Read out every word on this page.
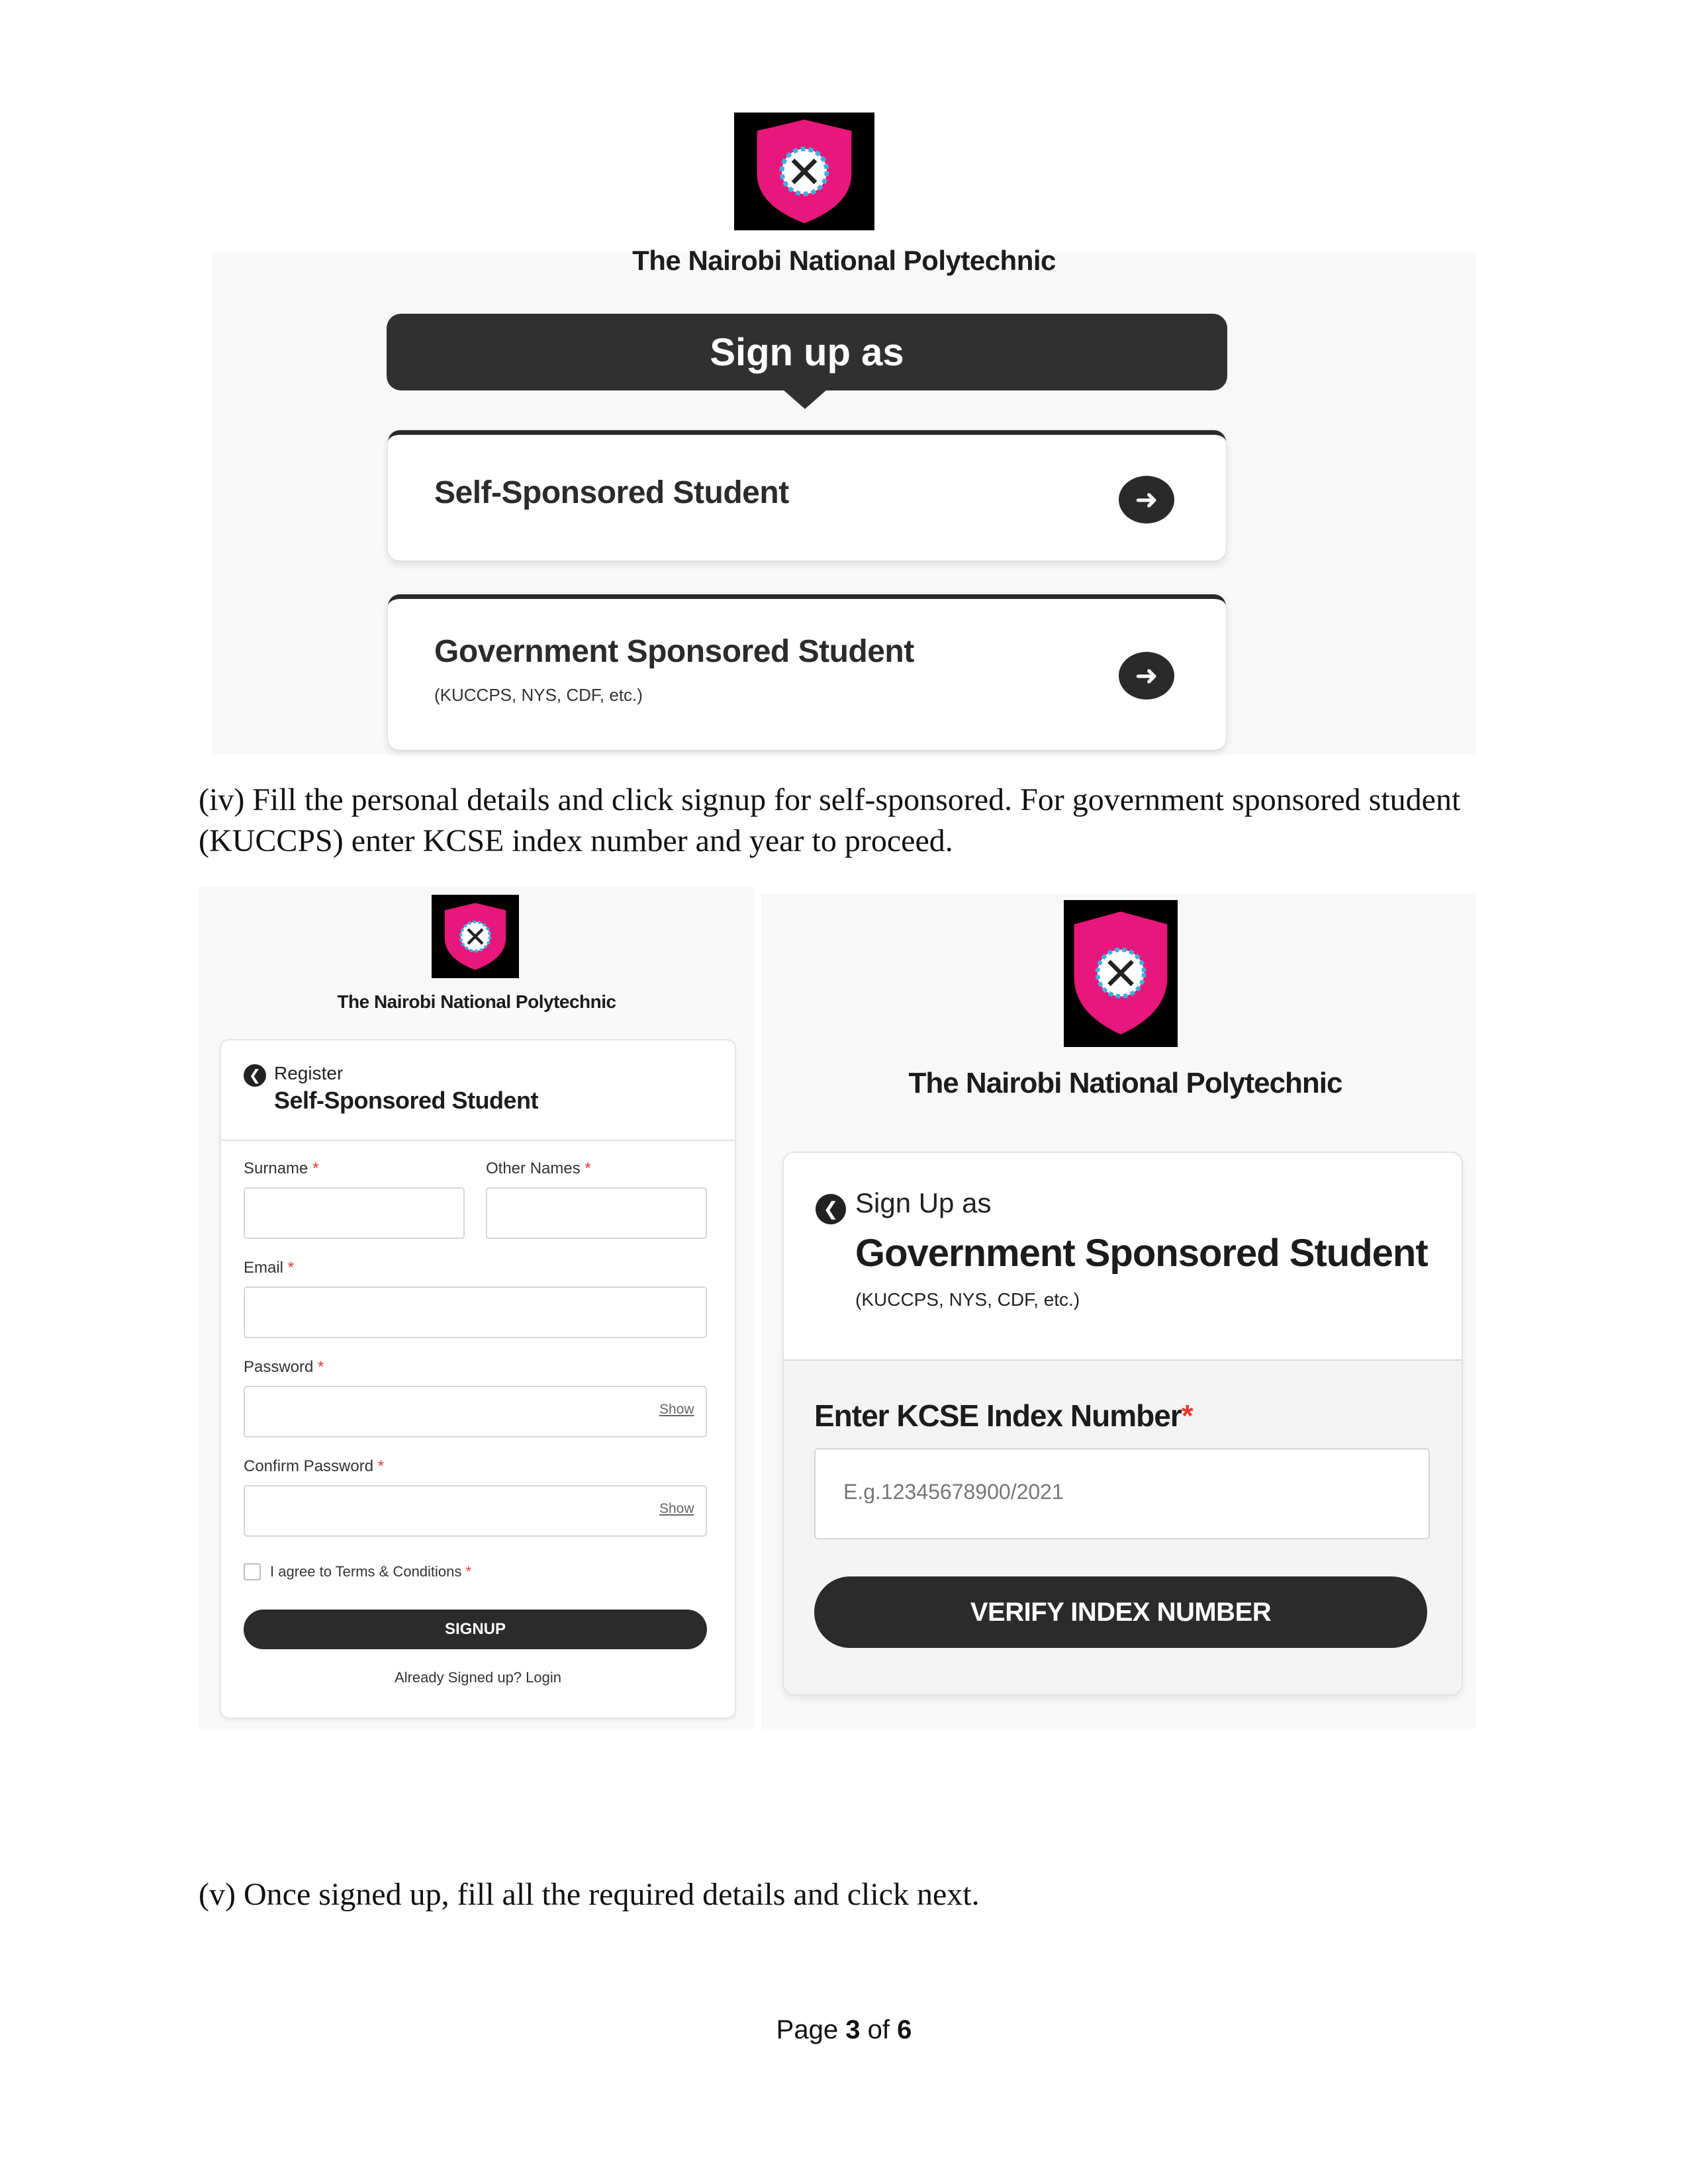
The Nairobi National Polytechnic
Sign up as
Self-Sponsored Student	➜
Government Sponsored Student
(KUCCPS, NYS, CDF, etc.)
➜
(iv) Fill the personal details and click signup for self-sponsored. For government sponsored student (KUCCPS) enter KCSE index number and year to proceed.
The Nairobi National Polytechnic
❮ Register
Self-Sponsored Student
Surname *	Other Names *
Email *
Password *
Show
Confirm Password *
Show
I agree to Terms & Conditions *
SIGNUP
Already Signed up? Login
The Nairobi National Polytechnic
❮ Sign Up as
Government Sponsored Student
(KUCCPS, NYS, CDF, etc.)
Enter KCSE Index Number*
E.g.12345678900/2021
VERIFY INDEX NUMBER
(v) Once signed up, fill all the required details and click next.
Page 3 of 6
